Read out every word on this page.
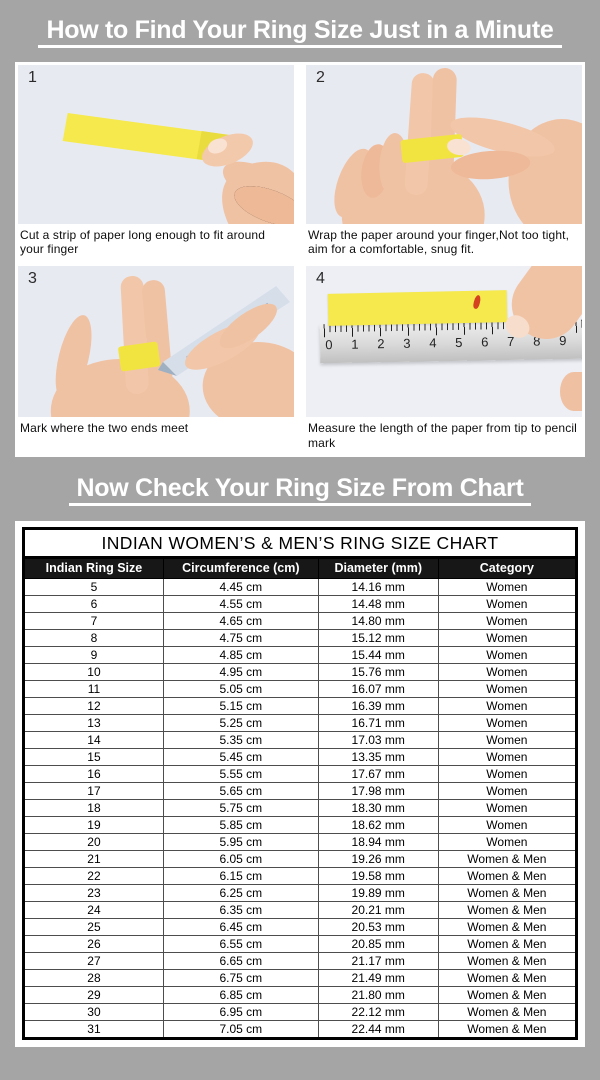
How to Find Your Ring Size Just in a Minute
1
Cut a strip of paper long enough to fit around your finger
2
Wrap the paper around your finger,Not too tight, aim for a comfortable, snug fit.
3
Mark where the two ends meet
4
0 1 2 3 4 5 6 7 8 9
Measure the length of the paper from tip to pencil mark
Now Check Your Ring Size From Chart
INDIAN WOMEN’S & MEN’S RING SIZE CHART			
Indian Ring Size	Circumference (cm)	Diameter (mm)	Category
5	4.45 cm	14.16 mm	Women
6	4.55 cm	14.48 mm	Women
7	4.65 cm	14.80 mm	Women
8	4.75 cm	15.12 mm	Women
9	4.85 cm	15.44 mm	Women
10	4.95 cm	15.76 mm	Women
11	5.05 cm	16.07 mm	Women
12	5.15 cm	16.39 mm	Women
13	5.25 cm	16.71 mm	Women
14	5.35 cm	17.03 mm	Women
15	5.45 cm	13.35 mm	Women
16	5.55 cm	17.67 mm	Women
17	5.65 cm	17.98 mm	Women
18	5.75 cm	18.30 mm	Women
19	5.85 cm	18.62 mm	Women
20	5.95 cm	18.94 mm	Women
21	6.05 cm	19.26 mm	Women & Men
22	6.15 cm	19.58 mm	Women & Men
23	6.25 cm	19.89 mm	Women & Men
24	6.35 cm	20.21 mm	Women & Men
25	6.45 cm	20.53 mm	Women & Men
26	6.55 cm	20.85 mm	Women & Men
27	6.65 cm	21.17 mm	Women & Men
28	6.75 cm	21.49 mm	Women & Men
29	6.85 cm	21.80 mm	Women & Men
30	6.95 cm	22.12 mm	Women & Men
31	7.05 cm	22.44 mm	Women & Men
